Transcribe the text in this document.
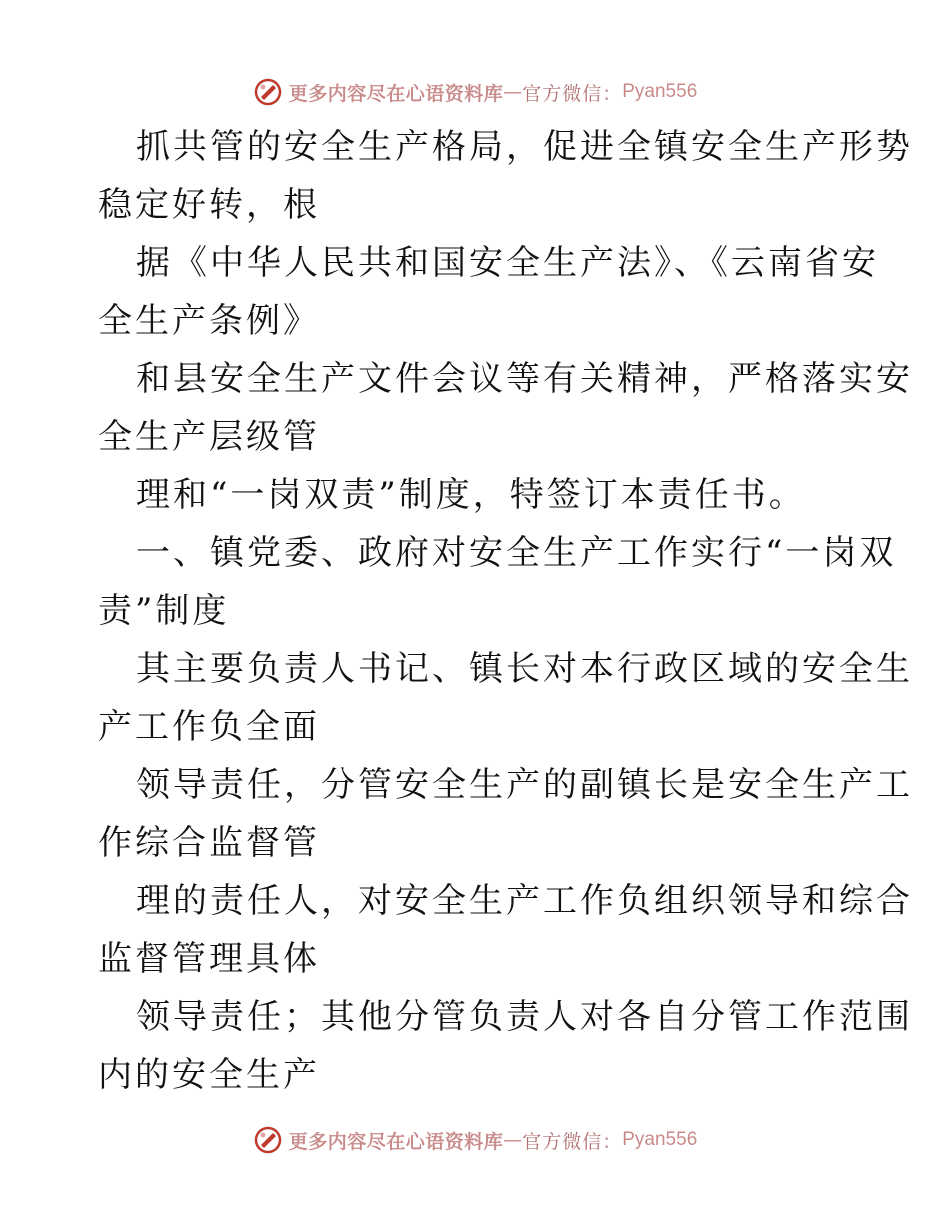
更多内容尽在心语资料库 — 官方微信： Pyan556

抓共管的安全生产格局，促进全镇安全生产形势
稳定好转，根

据《中华人民共和国安全生产法》、《云南省安
全生产条例》

和县安全生产文件会议等有关精神，严格落实安
全生产层级管

理和“一岗双责”制度，特签订本责任书。

一、镇党委、政府对安全生产工作实行“一岗双
责”制度

其主要负责人书记、镇长对本行政区域的安全生
产工作负全面

领导责任，分管安全生产的副镇长是安全生产工
作综合监督管

理的责任人，对安全生产工作负组织领导和综合
监督管理具体

领导责任；其他分管负责人对各自分管工作范围
内的安全生产

更多内容尽在心语资料库 — 官方微信： Pyan556
